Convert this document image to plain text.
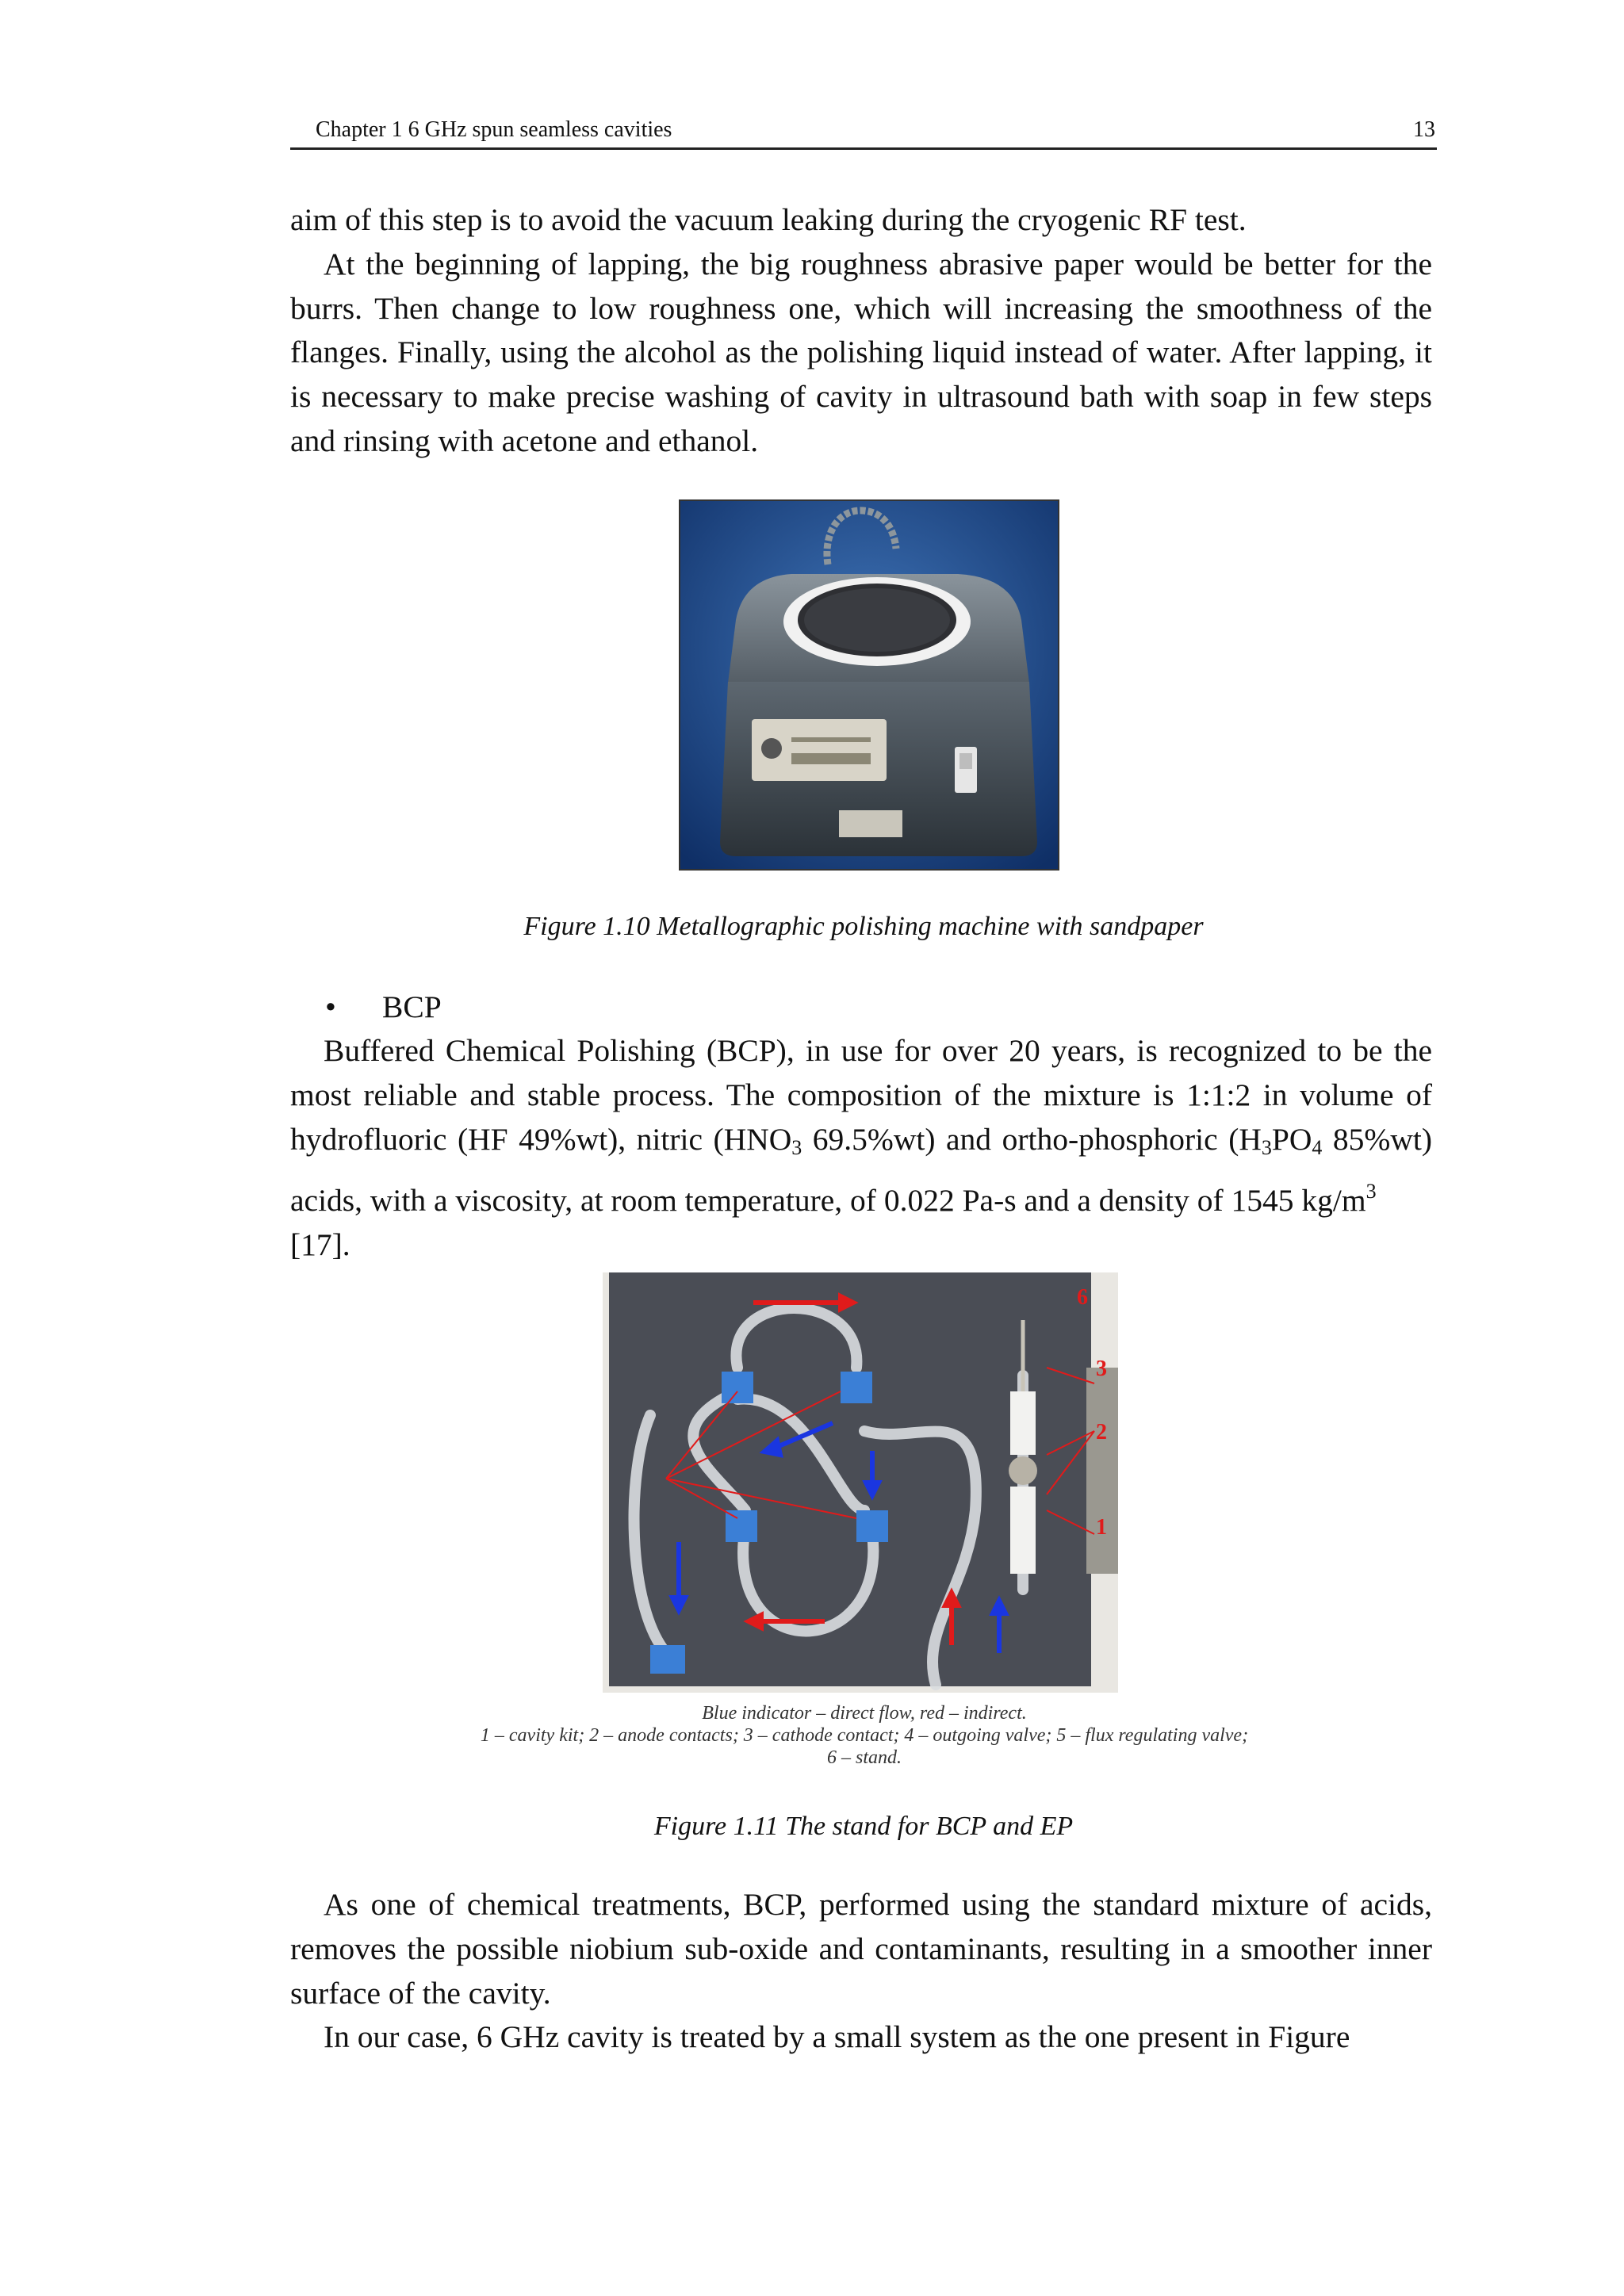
Chapter 1 6 GHz spun seamless cavities	13

aim of this step is to avoid the vacuum leaking during the cryogenic RF test.

At the beginning of lapping, the big roughness abrasive paper would be better for the burrs. Then change to low roughness one, which will increasing the smoothness of the flanges. Finally, using the alcohol as the polishing liquid instead of water. After lapping, it is necessary to make precise washing of cavity in ultrasound bath with soap in few steps and rinsing with acetone and ethanol.

Figure 1.10 Metallographic polishing machine with sandpaper
• BCP

Buffered Chemical Polishing (BCP), in use for over 20 years, is recognized to be the most reliable and stable process. The composition of the mixture is 1:1:2 in volume of hydrofluoric (HF 49%wt), nitric ($HNO_3$ 69.5%wt) and ortho-phosphoric ($H_3PO_4$ 85%wt) acids, with a viscosity, at room temperature, of 0.022 Pa-s and a density of 1545 $kg/m^3$
[17].

6
3
2
1
Blue indicator – direct flow, red – indirect.
1 – cavity kit; 2 – anode contacts; 3 – cathode contact; 4 – outgoing valve; 5 – flux regulating valve;
6 – stand.
Figure 1.11 The stand for BCP and EP

As one of chemical treatments, BCP, performed using the standard mixture of acids, removes the possible niobium sub-oxide and contaminants, resulting in a smoother inner surface of the cavity.

In our case, 6 GHz cavity is treated by a small system as the one present in Figure
